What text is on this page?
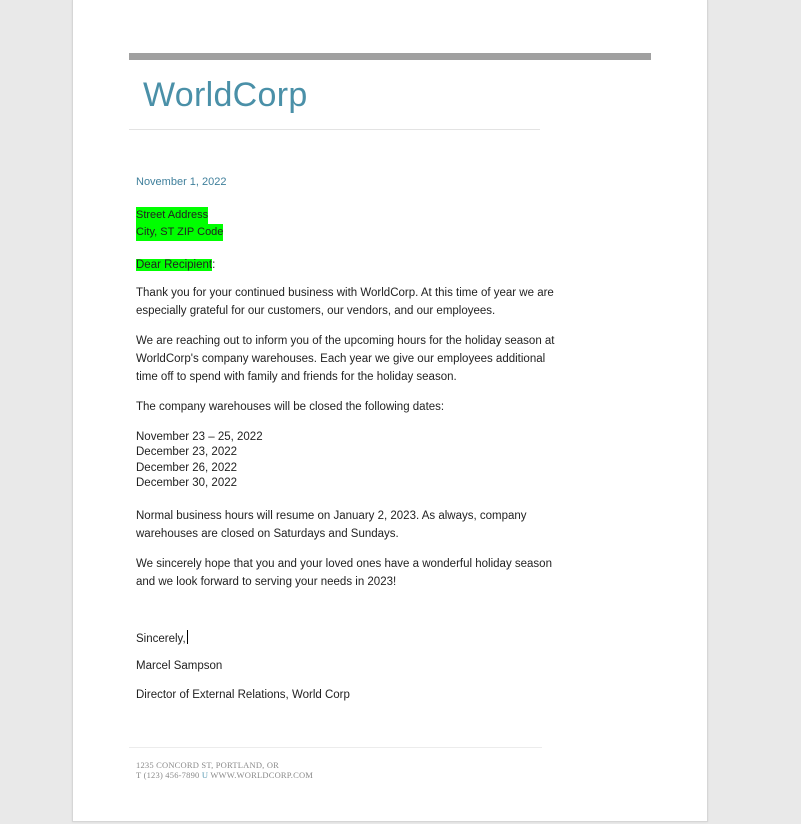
WorldCorp
November 1, 2022
Street Address
City, ST ZIP Code
Dear Recipient:
Thank you for your continued business with WorldCorp. At this time of year we are especially grateful for our customers, our vendors, and our employees.
We are reaching out to inform you of the upcoming hours for the holiday season at WorldCorp's company warehouses. Each year we give our employees additional time off to spend with family and friends for the holiday season.
The company warehouses will be closed the following dates:
November 23 – 25, 2022
December 23, 2022
December 26, 2022
December 30, 2022
Normal business hours will resume on January 2, 2023. As always, company warehouses are closed on Saturdays and Sundays.
We sincerely hope that you and your loved ones have a wonderful holiday season and we look forward to serving your needs in 2023!
Sincerely,
Marcel Sampson
Director of External Relations, World Corp
1235 CONCORD ST, PORTLAND, OR
T (123) 456-7890 U WWW.WORLDCORP.COM
